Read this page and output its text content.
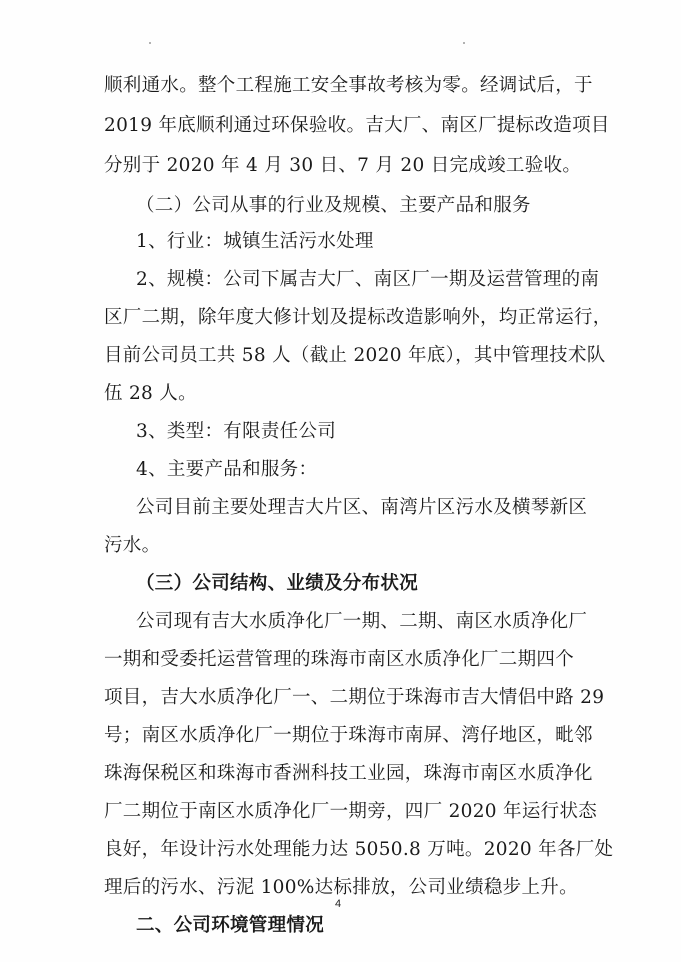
顺利通水。整个工程施工安全事故考核为零。经调试后，于
2019 年底顺利通过环保验收。吉大厂、南区厂提标改造项目
分别于 2020 年 4 月 30 日、7 月 20 日完成竣工验收。
（二）公司从事的行业及规模、主要产品和服务
1、行业：城镇生活污水处理
2、规模：公司下属吉大厂、南区厂一期及运营管理的南
区厂二期，除年度大修计划及提标改造影响外，均正常运行，
目前公司员工共 58 人（截止 2020 年底），其中管理技术队
伍 28 人。
3、类型：有限责任公司
4、主要产品和服务：
公司目前主要处理吉大片区、南湾片区污水及横琴新区
污水。
（三）公司结构、业绩及分布状况
公司现有吉大水质净化厂一期、二期、南区水质净化厂
一期和受委托运营管理的珠海市南区水质净化厂二期四个
项目，吉大水质净化厂一、二期位于珠海市吉大情侣中路 29
号；南区水质净化厂一期位于珠海市南屏、湾仔地区，毗邻
珠海保税区和珠海市香洲科技工业园，珠海市南区水质净化
厂二期位于南区水质净化厂一期旁，四厂 2020 年运行状态
良好，年设计污水处理能力达 5050.8 万吨。2020 年各厂处
理后的污水、污泥 100%达标排放，公司业绩稳步上升。
二、公司环境管理情况
4
